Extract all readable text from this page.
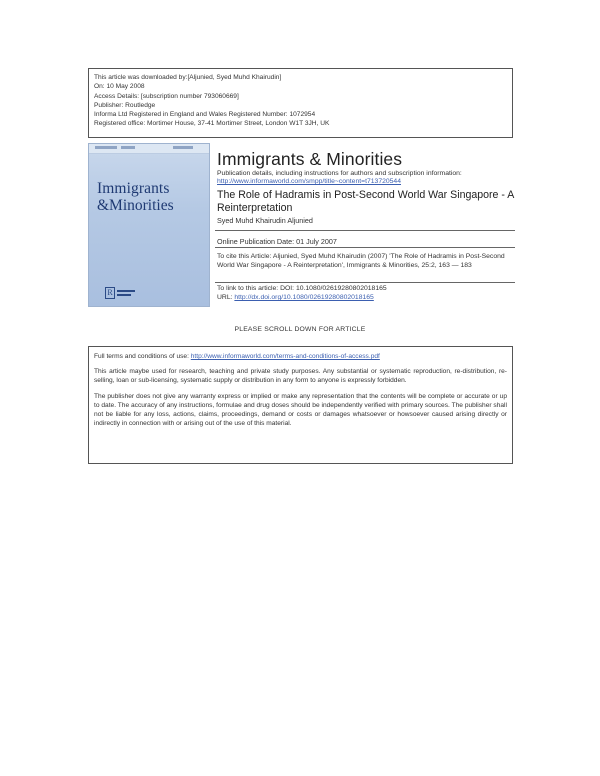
This article was downloaded by:[Aljunied, Syed Muhd Khairudin]
On: 10 May 2008
Access Details: [subscription number 793060669]
Publisher: Routledge
Informa Ltd Registered in England and Wales Registered Number: 1072954
Registered office: Mortimer House, 37-41 Mortimer Street, London W1T 3JH, UK
Immigrants
&Minorities
R
Immigrants & Minorities
Publication details, including instructions for authors and subscription information:
http://www.informaworld.com/smpp/title~content=t713720544
The Role of Hadramis in Post-Second World War Singapore - A Reinterpretation
Syed Muhd Khairudin Aljunied
Online Publication Date: 01 July 2007
To cite this Article: Aljunied, Syed Muhd Khairudin (2007) 'The Role of Hadramis in Post-Second World War Singapore - A Reinterpretation', Immigrants & Minorities, 25:2, 163 — 183
To link to this article: DOI: 10.1080/02619280802018165
URL: http://dx.doi.org/10.1080/02619280802018165
PLEASE SCROLL DOWN FOR ARTICLE

Full terms and conditions of use: http://www.informaworld.com/terms-and-conditions-of-access.pdf

This article maybe used for research, teaching and private study purposes. Any substantial or systematic reproduction, re-distribution, re-selling, loan or sub-licensing, systematic supply or distribution in any form to anyone is expressly forbidden.

The publisher does not give any warranty express or implied or make any representation that the contents will be complete or accurate or up to date. The accuracy of any instructions, formulae and drug doses should be independently verified with primary sources. The publisher shall not be liable for any loss, actions, claims, proceedings, demand or costs or damages whatsoever or howsoever caused arising directly or indirectly in connection with or arising out of the use of this material.
